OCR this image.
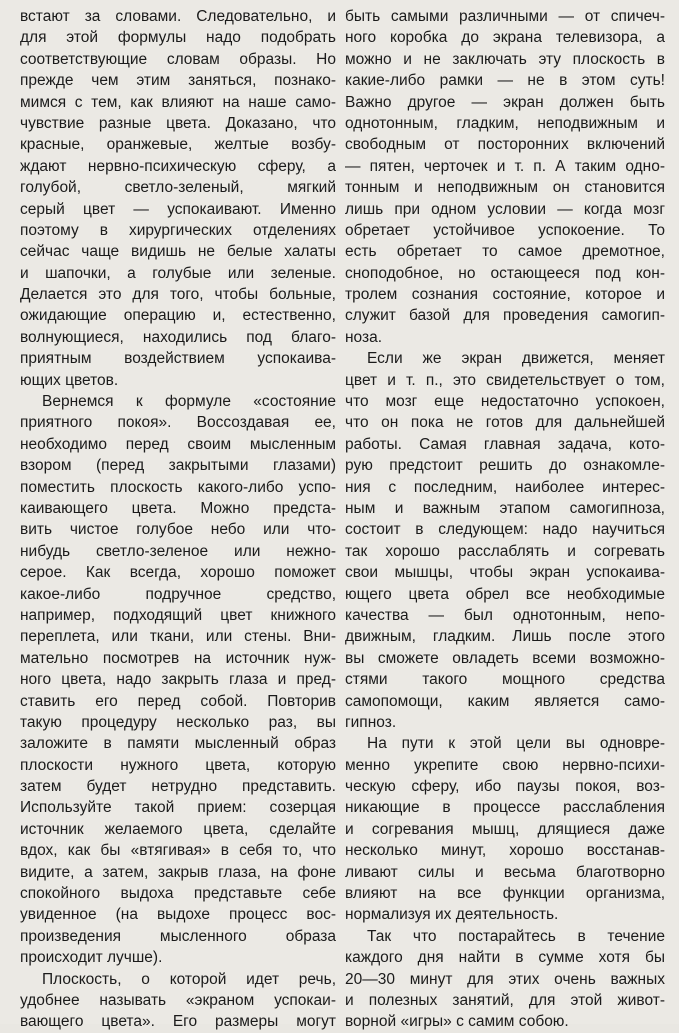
встают за словами. Следовательно, и
для этой формулы надо подобрать
соответствующие словам образы. Но
прежде чем этим заняться, познако-
мимся с тем, как влияют на наше само-
чувствие разные цвета. Доказано, что
красные, оранжевые, желтые возбу-
ждают нервно-психическую сферу, а
голубой, светло-зеленый, мягкий
серый цвет — успокаивают. Именно
поэтому в хирургических отделениях
сейчас чаще видишь не белые халаты
и шапочки, а голубые или зеленые.
Делается это для того, чтобы больные,
ожидающие операцию и, естественно,
волнующиеся, находились под благо-
приятным воздействием успокаива-
ющих цветов.
Вернемся к формуле «состояние
приятного покоя». Воссоздавая ее,
необходимо перед своим мысленным
взором (перед закрытыми глазами)
поместить плоскость какого-либо успо-
каивающего цвета. Можно предста-
вить чистое голубое небо или что-
нибудь светло-зеленое или нежно-
серое. Как всегда, хорошо поможет
какое-либо подручное средство,
например, подходящий цвет книжного
переплета, или ткани, или стены. Вни-
мательно посмотрев на источник нуж-
ного цвета, надо закрыть глаза и пред-
ставить его перед собой. Повторив
такую процедуру несколько раз, вы
заложите в памяти мысленный образ
плоскости нужного цвета, которую
затем будет нетрудно представить.
Используйте такой прием: созерцая
источник желаемого цвета, сделайте
вдох, как бы «втягивая» в себя то, что
видите, а затем, закрыв глаза, на фоне
спокойного выдоха представьте себе
увиденное (на выдохе процесс вос-
произведения мысленного образа
происходит лучше).
Плоскость, о которой идет речь,
удобнее называть «экраном успокаи-
вающего цвета». Его размеры могут
быть самыми различными — от спичеч-
ного коробка до экрана телевизора, а
можно и не заключать эту плоскость в
какие-либо рамки — не в этом суть!
Важно другое — экран должен быть
однотонным, гладким, неподвижным и
свободным от посторонних включений
— пятен, черточек и т. п. А таким одно-
тонным и неподвижным он становится
лишь при одном условии — когда мозг
обретает устойчивое успокоение. То
есть обретает то самое дремотное,
сноподобное, но остающееся под кон-
тролем сознания состояние, которое и
служит базой для проведения самогип-
ноза.
Если же экран движется, меняет
цвет и т. п., это свидетельствует о том,
что мозг еще недостаточно успокоен,
что он пока не готов для дальнейшей
работы. Самая главная задача, кото-
рую предстоит решить до ознакомле-
ния с последним, наиболее интерес-
ным и важным этапом самогипноза,
состоит в следующем: надо научиться
так хорошо расслаблять и согревать
свои мышцы, чтобы экран успокаива-
ющего цвета обрел все необходимые
качества — был однотонным, непо-
движным, гладким. Лишь после этого
вы сможете овладеть всеми возможно-
стями такого мощного средства
самопомощи, каким является само-
гипноз.
На пути к этой цели вы одновре-
менно укрепите свою нервно-психи-
ческую сферу, ибо паузы покоя, воз-
никающие в процессе расслабления
и согревания мышц, длящиеся даже
несколько минут, хорошо восстанав-
ливают силы и весьма благотворно
влияют на все функции организма,
нормализуя их деятельность.
Так что постарайтесь в течение
каждого дня найти в сумме хотя бы
20—30 минут для этих очень важных
и полезных занятий, для этой живот-
ворной «игры» с самим собою.
